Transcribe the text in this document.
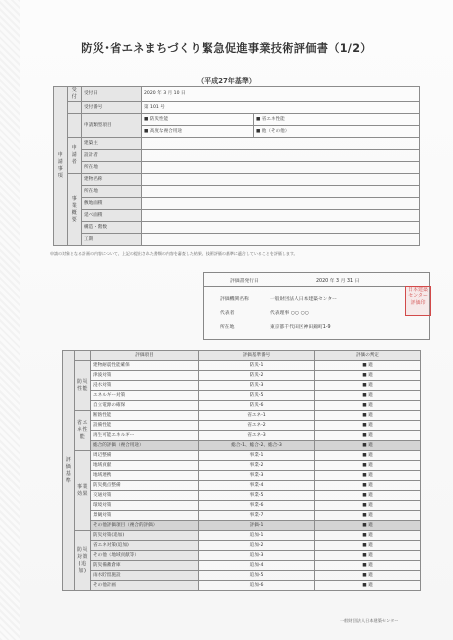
防災･省エネまちづくり緊急促進事業技術評価書（1/2）
（平成27年基準）
申
請
事
項	受
付	受付日	2020 年 3 月 10 日	
		受付番号	第 101 号	
		申請類型項目	■ 防災性能	■ 省エネ性能
			■ 高度な複合用途	■ 他（その他）
	申
請
者	建築主		
		設計者		
		所在地		
	事
業
概
要	建物名称		
		所在地		
		敷地面積		
		延べ面積		
		構造・階数		
		工期		
申請の対象となる計画の内容について、上記の提出された書類の内容を審査した結果、技術評価の基準に適合していることを評価します。
評価書発行日	2020 年 3 月 31 日
評価機関名称	一般財団法人日本建築センター
代表者	代表理事 ○○ ○○
所在地	東京都千代田区神田錦町1-9
日本建築センター評価印
評価基準		評価項目	評価基準番号	評価の判定
	防災性能	建物耐震性能確保	防災-1	■ 適
		津波対策	防災-2	■ 適
		浸水対策	防災-3	■ 適
		エネルギー対策	防災-5	■ 適
		自立電源の確保	防災-6	■ 適
	省エネ性能	断熱性能	省エネ-1	■ 適
		設備性能	省エネ-2	■ 適
		再生可能エネルギー	省エネ-3	■ 適
		総合的評価（複合用途）	総合-1、総合-2、総合-3	■ 適
	事業効果	周辺整備	事業-1	■ 適
		地域貢献	事業-2	■ 適
		地域連携	事業-3	■ 適
		防災拠点整備	事業-4	■ 適
		交通対策	事業-5	■ 適
		環境対策	事業-6	■ 適
		景観対策	事業-7	■ 適
		その他評価項目（複合的評価）	評価-1	■ 適
	防災対策(追加)	防災対策(追加)	追加-1	■ 適
		省エネ対策(追加)	追加-2	■ 適
		その他（地域貢献等）	追加-3	■ 適
		防災備蓄倉庫	追加-4	■ 適
		雨水貯留施設	追加-5	■ 適
		その他計画	追加-6	■ 適
一般財団法人日本建築センター
